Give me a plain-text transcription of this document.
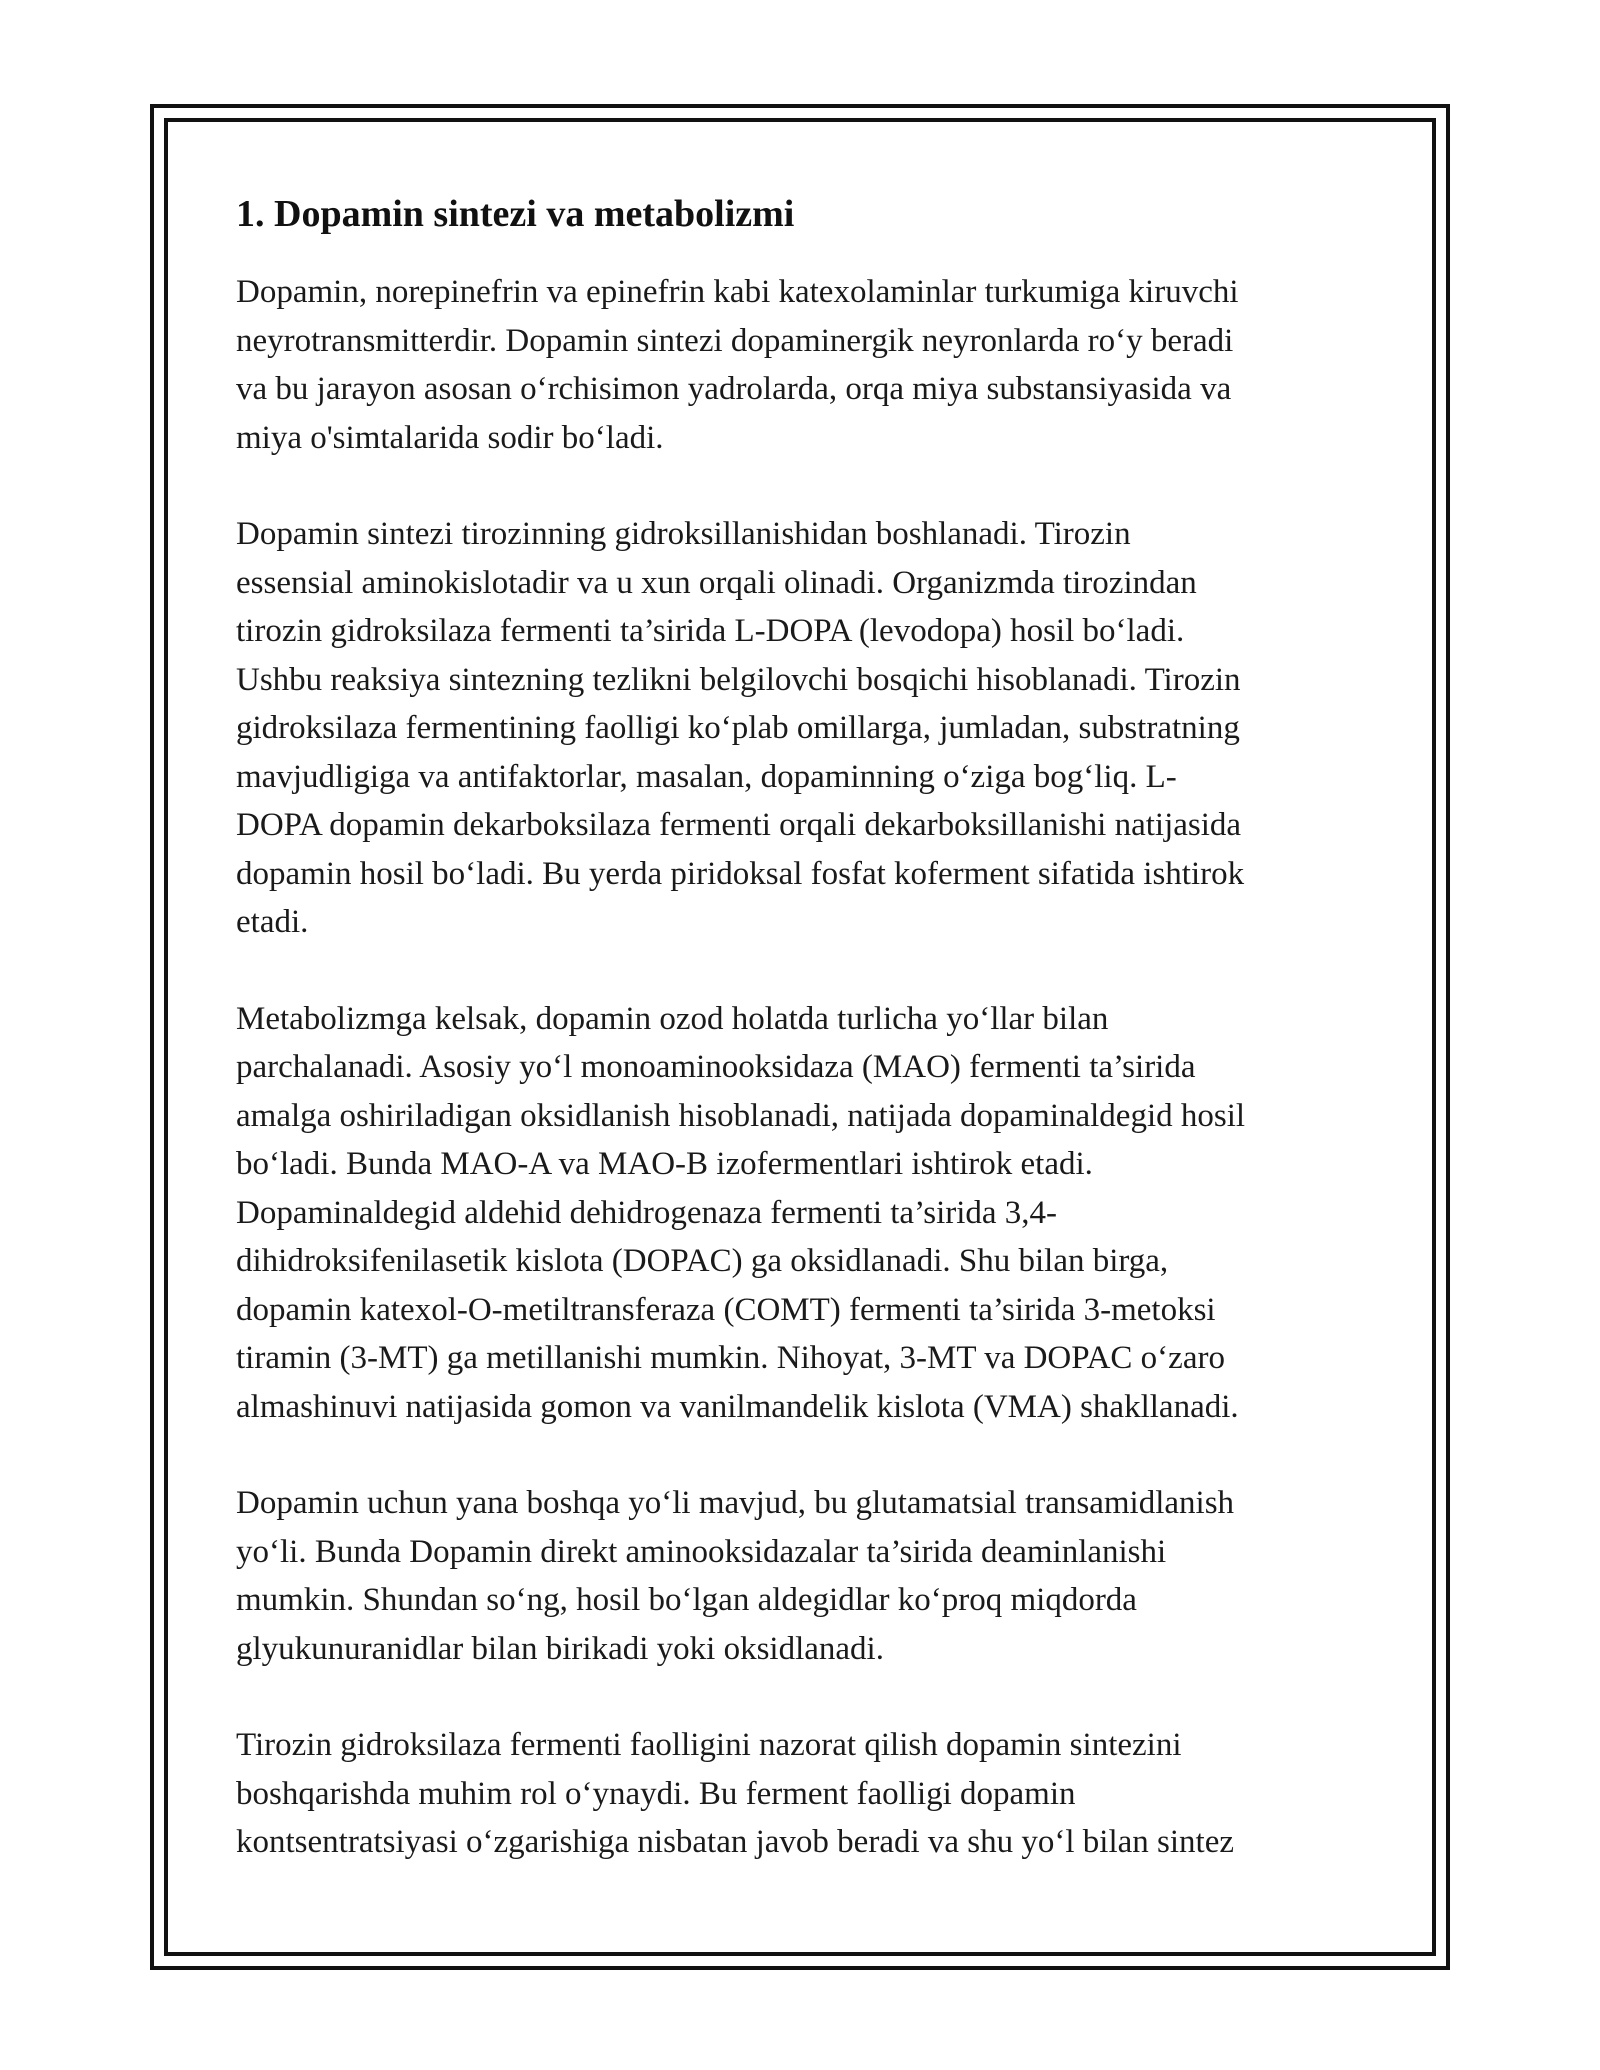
1. Dopamin sintezi va metabolizmi

Dopamin, norepinefrin va epinefrin kabi katexolaminlar turkumiga kiruvchi
neyrotransmitterdir. Dopamin sintezi dopaminergik neyronlarda ro‘y beradi
va bu jarayon asosan o‘rchisimon yadrolarda, orqa miya substansiyasida va
miya o'simtalarida sodir bo‘ladi.

Dopamin sintezi tirozinning gidroksillanishidan boshlanadi. Tirozin
essensial aminokislotadir va u xun orqali olinadi. Organizmda tirozindan
tirozin gidroksilaza fermenti ta’sirida L-DOPA (levodopa) hosil bo‘ladi.
Ushbu reaksiya sintezning tezlikni belgilovchi bosqichi hisoblanadi. Tirozin
gidroksilaza fermentining faolligi ko‘plab omillarga, jumladan, substratning
mavjudligiga va antifaktorlar, masalan, dopaminning o‘ziga bog‘liq. L-
DOPA dopamin dekarboksilaza fermenti orqali dekarboksillanishi natijasida
dopamin hosil bo‘ladi. Bu yerda piridoksal fosfat koferment sifatida ishtirok
etadi.

Metabolizmga kelsak, dopamin ozod holatda turlicha yo‘llar bilan
parchalanadi. Asosiy yo‘l monoaminooksidaza (MAO) fermenti ta’sirida
amalga oshiriladigan oksidlanish hisoblanadi, natijada dopaminaldegid hosil
bo‘ladi. Bunda MAO-A va MAO-B izofermentlari ishtirok etadi.
Dopaminaldegid aldehid dehidrogenaza fermenti ta’sirida 3,4-
dihidroksifenilasetik kislota (DOPAC) ga oksidlanadi. Shu bilan birga,
dopamin katexol-O-metiltransferaza (COMT) fermenti ta’sirida 3-metoksi
tiramin (3-MT) ga metillanishi mumkin. Nihoyat, 3-MT va DOPAC o‘zaro
almashinuvi natijasida gomon va vanilmandelik kislota (VMA) shakllanadi.

Dopamin uchun yana boshqa yo‘li mavjud, bu glutamatsial transamidlanish
yo‘li. Bunda Dopamin direkt aminooksidazalar ta’sirida deaminlanishi
mumkin. Shundan so‘ng, hosil bo‘lgan aldegidlar ko‘proq miqdorda
glyukunuranidlar bilan birikadi yoki oksidlanadi.

Tirozin gidroksilaza fermenti faolligini nazorat qilish dopamin sintezini
boshqarishda muhim rol o‘ynaydi. Bu ferment faolligi dopamin
kontsentratsiyasi o‘zgarishiga nisbatan javob beradi va shu yo‘l bilan sintez
